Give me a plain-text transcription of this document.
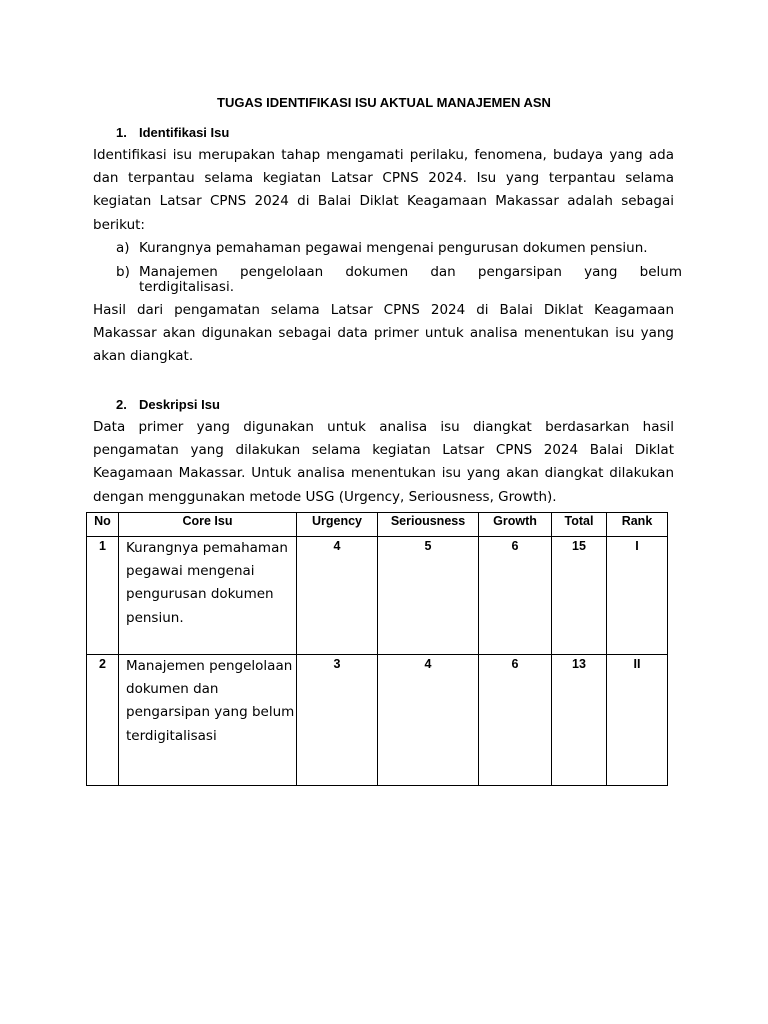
TUGAS IDENTIFIKASI ISU AKTUAL MANAJEMEN ASN
1. Identifikasi Isu

Identifikasi isu merupakan tahap mengamati perilaku, fenomena, budaya yang ada dan terpantau selama kegiatan Latsar CPNS 2024. Isu yang terpantau selama kegiatan Latsar CPNS 2024 di Balai Diklat Keagamaan Makassar adalah sebagai berikut:

a) Kurangnya pemahaman pegawai mengenai pengurusan dokumen pensiun.
b) Manajemen pengelolaan dokumen dan pengarsipan yang belum
terdigitalisasi.

Hasil dari pengamatan selama Latsar CPNS 2024 di Balai Diklat Keagamaan Makassar akan digunakan sebagai data primer untuk analisa menentukan isu yang akan diangkat.

2. Deskripsi Isu

Data primer yang digunakan untuk analisa isu diangkat berdasarkan hasil pengamatan yang dilakukan selama kegiatan Latsar CPNS 2024 Balai Diklat Keagamaan Makassar. Untuk analisa menentukan isu yang akan diangkat dilakukan dengan menggunakan metode USG (Urgency, Seriousness, Growth).

No	Core Isu	Urgency	Seriousness	Growth	Total	Rank
1	Kurangnya pemahaman pegawai mengenai pengurusan dokumen pensiun.	4	5	6	15	I
2	Manajemen pengelolaan dokumen dan pengarsipan yang belum terdigitalisasi	3	4	6	13	II
